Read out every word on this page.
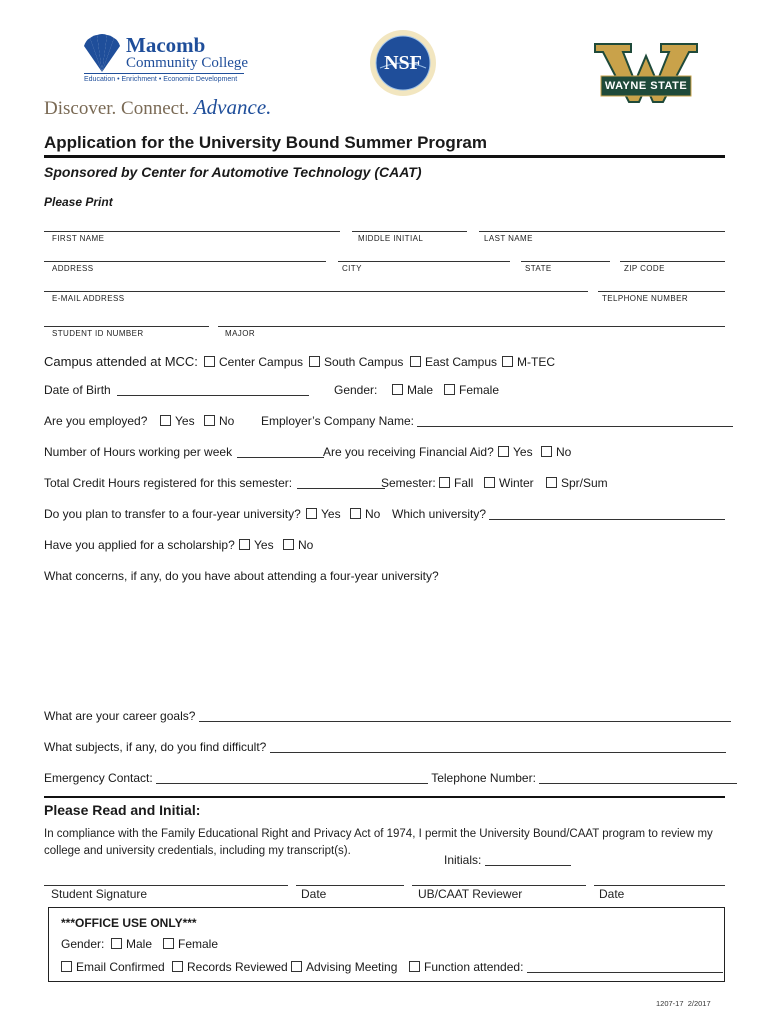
Macomb
Community College
Education • Enrichment • Economic Development
Discover. Connect. Advance.
NSF
WAYNE STATE
Application for the University Bound Summer Program
Sponsored by Center for Automotive Technology (CAAT)
Please Print
FIRST NAME	MIDDLE INITIAL	LAST NAME
ADDRESS	CITY	STATE	ZIP CODE
E-MAIL ADDRESS	TELPHONE NUMBER
STUDENT ID NUMBER	MAJOR
Campus attended at MCC:	Center Campus	South Campus	East Campus	M-TEC
Date of Birth	Gender:	Male	Female
Are you employed?	Yes	No Employer’s Company Name:
Number of Hours working per week	Are you receiving Financial Aid?	Yes	No
Total Credit Hours registered for this semester:	Semester:	Fall	Winter	Spr/Sum
Do you plan to transfer to a four-year university?	Yes	No Which university?
Have you applied for a scholarship?	Yes	No
What concerns, if any, do you have about attending a four-year university?
What are your career goals?
What subjects, if any, do you find difficult?
Emergency Contact:	Telephone Number:
Please Read and Initial:
In compliance with the Family Educational Right and Privacy Act of 1974, I permit the University Bound/CAAT program to review my
college and university credentials, including my transcript(s).
Initials:
Student Signature	Date	UB/CAAT Reviewer	Date
***OFFICE USE ONLY***
Gender:	Male	Female
Email Confirmed	Records Reviewed	Advising Meeting	Function attended:
1207-17 2/2017
